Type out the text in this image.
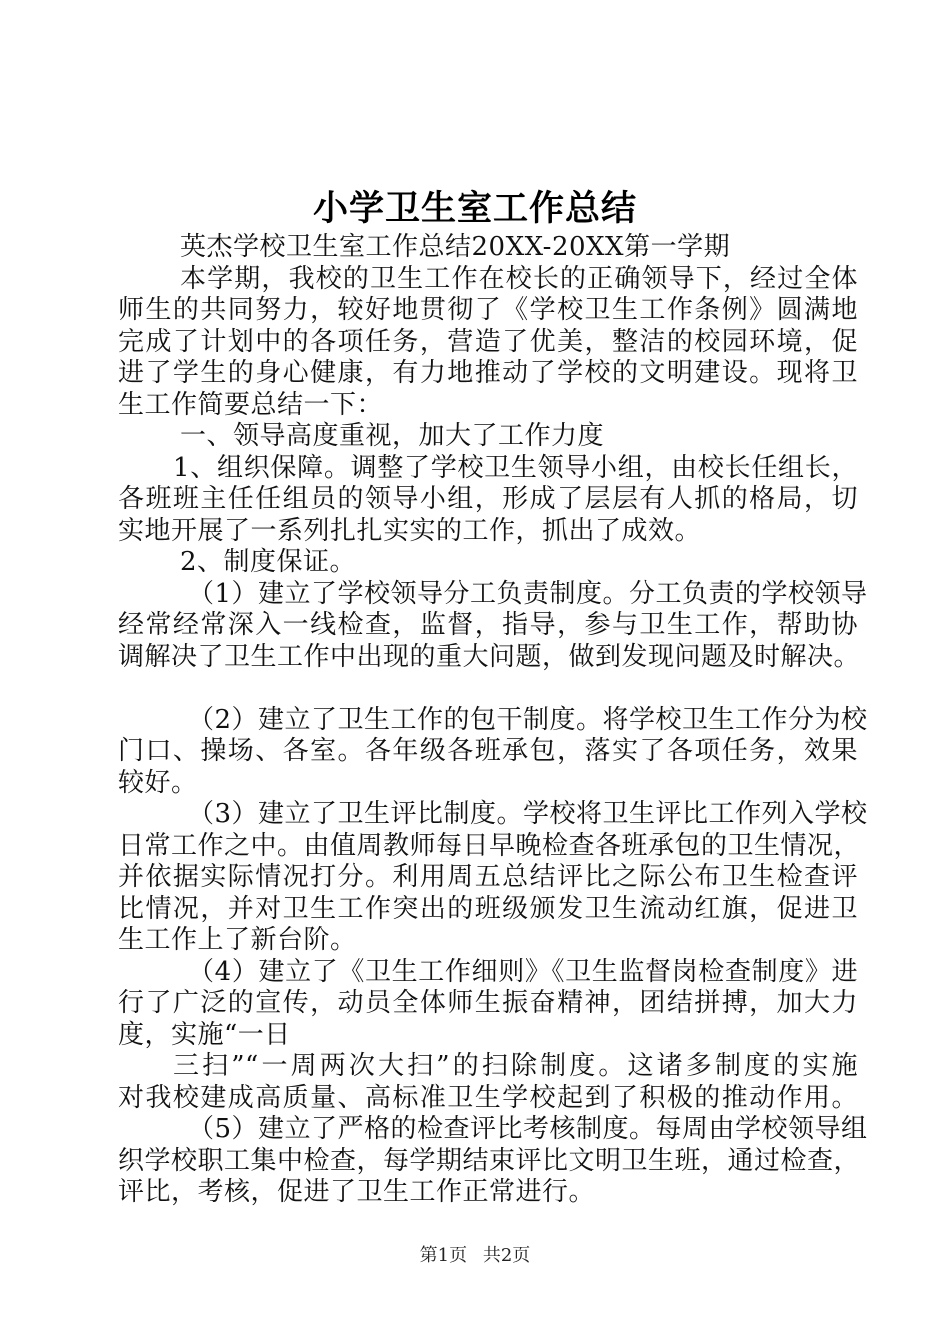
小学卫生室工作总结
英杰学校卫生室工作总结20XX-20XX第一学期
本学期，我校的卫生工作在校长的正确领导下，经过全体
师生的共同努力，较好地贯彻了《学校卫生工作条例》圆满地
完成了计划中的各项任务，营造了优美，整洁的校园环境，促
进了学生的身心健康，有力地推动了学校的文明建设。现将卫
生工作简要总结一下：
一、领导高度重视，加大了工作力度
1、组织保障。调整了学校卫生领导小组，由校长任组长，
各班班主任任组员的领导小组，形成了层层有人抓的格局，切
实地开展了一系列扎扎实实的工作，抓出了成效。
2、制度保证。
（1）建立了学校领导分工负责制度。分工负责的学校领导
经常经常深入一线检查，监督，指导，参与卫生工作，帮助协
调解决了卫生工作中出现的重大问题，做到发现问题及时解决。
（2）建立了卫生工作的包干制度。将学校卫生工作分为校
门口、操场、各室。各年级各班承包，落实了各项任务，效果
较好。
（3）建立了卫生评比制度。学校将卫生评比工作列入学校
日常工作之中。由值周教师每日早晚检查各班承包的卫生情况，
并依据实际情况打分。利用周五总结评比之际公布卫生检查评
比情况，并对卫生工作突出的班级颁发卫生流动红旗，促进卫
生工作上了新台阶。
（4）建立了《卫生工作细则》《卫生监督岗检查制度》进
行了广泛的宣传，动员全体师生振奋精神，团结拼搏，加大力
度，实施“一日
三扫”“一周两次大扫”的扫除制度。这诸多制度的实施
对我校建成高质量、高标准卫生学校起到了积极的推动作用。
（5）建立了严格的检查评比考核制度。每周由学校领导组
织学校职工集中检查，每学期结束评比文明卫生班，通过检查，
评比，考核，促进了卫生工作正常进行。
第1页 共2页
